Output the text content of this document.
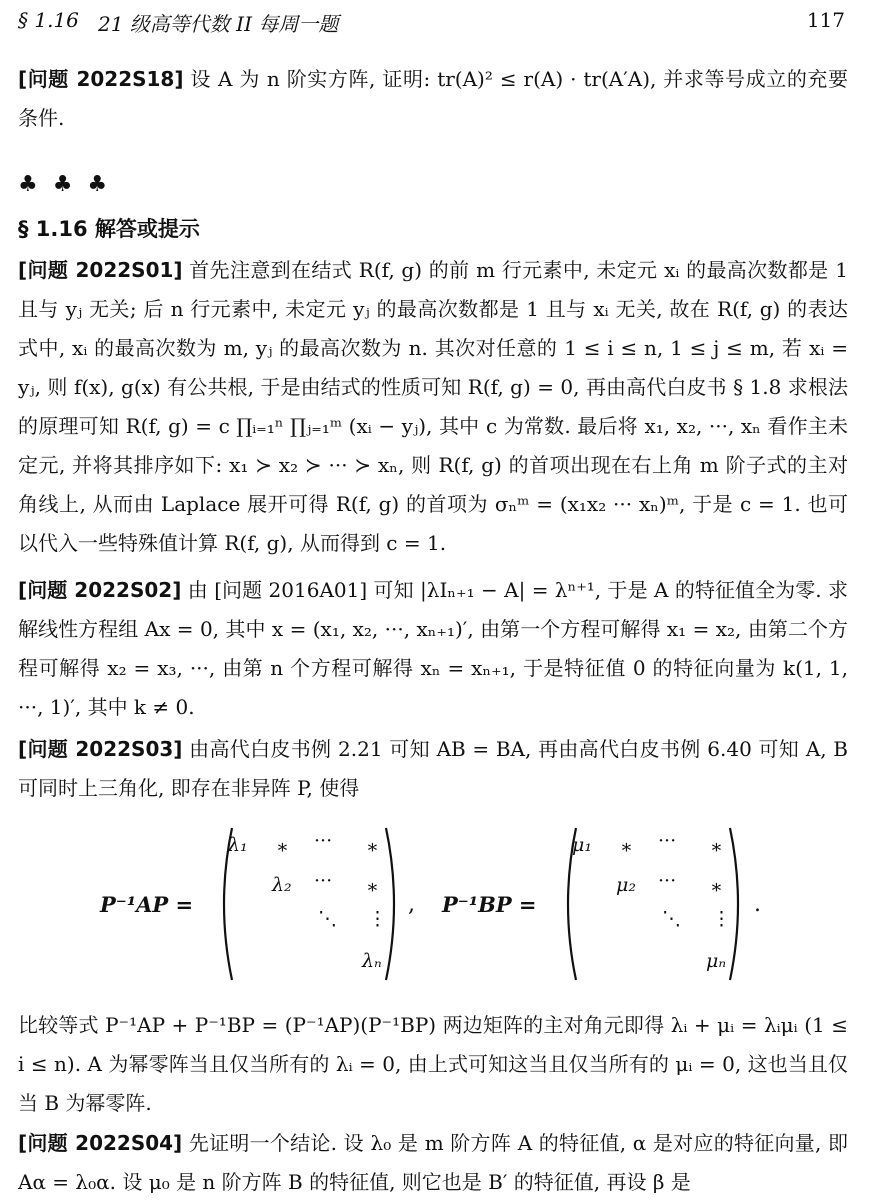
§ 1.16 21 级高等代数 II 每周一题	117
[问题 2022S18] 设 A 为 n 阶实方阵, 证明: tr(A)² ≤ r(A) · tr(A′A), 并求等号成立的充要条件.
♣ ♣ ♣
§ 1.16 解答或提示
[问题 2022S01] 首先注意到在结式 R(f, g) 的前 m 行元素中, 未定元 xᵢ 的最高次数都是 1 且与 yⱼ 无关; 后 n 行元素中, 未定元 yⱼ 的最高次数都是 1 且与 xᵢ 无关, 故在 R(f, g) 的表达式中, xᵢ 的最高次数为 m, yⱼ 的最高次数为 n. 其次对任意的 1 ≤ i ≤ n, 1 ≤ j ≤ m, 若 xᵢ = yⱼ, 则 f(x), g(x) 有公共根, 于是由结式的性质可知 R(f, g) = 0, 再由高代白皮书 § 1.8 求根法的原理可知 R(f, g) = c ∏ᵢ₌₁ⁿ ∏ⱼ₌₁ᵐ (xᵢ − yⱼ), 其中 c 为常数. 最后将 x₁, x₂, ···, xₙ 看作主未定元, 并将其排序如下: x₁ ≻ x₂ ≻ ··· ≻ xₙ, 则 R(f, g) 的首项出现在右上角 m 阶子式的主对角线上, 从而由 Laplace 展开可得 R(f, g) 的首项为 σₙᵐ = (x₁x₂ ··· xₙ)ᵐ, 于是 c = 1. 也可以代入一些特殊值计算 R(f, g), 从而得到 c = 1.
[问题 2022S02] 由 [问题 2016A01] 可知 |λIₙ₊₁ − A| = λⁿ⁺¹, 于是 A 的特征值全为零. 求解线性方程组 Ax = 0, 其中 x = (x₁, x₂, ···, xₙ₊₁)′, 由第一个方程可解得 x₁ = x₂, 由第二个方程可解得 x₂ = x₃, ···, 由第 n 个方程可解得 xₙ = xₙ₊₁, 于是特征值 0 的特征向量为 k(1, 1, ···, 1)′, 其中 k ≠ 0.
[问题 2022S03] 由高代白皮书例 2.21 可知 AB = BA, 再由高代白皮书例 6.40 可知 A, B 可同时上三角化, 即存在非异阵 P, 使得
P⁻¹AP =
λ₁ ∗ ··· ∗
λ₂ ··· ∗
⋱ ⋮
λₙ
, P⁻¹BP =
μ₁ ∗ ··· ∗
μ₂ ··· ∗
⋱ ⋮
μₙ
.
比较等式 P⁻¹AP + P⁻¹BP = (P⁻¹AP)(P⁻¹BP) 两边矩阵的主对角元即得 λᵢ + μᵢ = λᵢμᵢ (1 ≤ i ≤ n). A 为幂零阵当且仅当所有的 λᵢ = 0, 由上式可知这当且仅当所有的 μᵢ = 0, 这也当且仅当 B 为幂零阵.
[问题 2022S04] 先证明一个结论. 设 λ₀ 是 m 阶方阵 A 的特征值, α 是对应的特征向量, 即 Aα = λ₀α. 设 μ₀ 是 n 阶方阵 B 的特征值, 则它也是 B′ 的特征值, 再设 β 是
